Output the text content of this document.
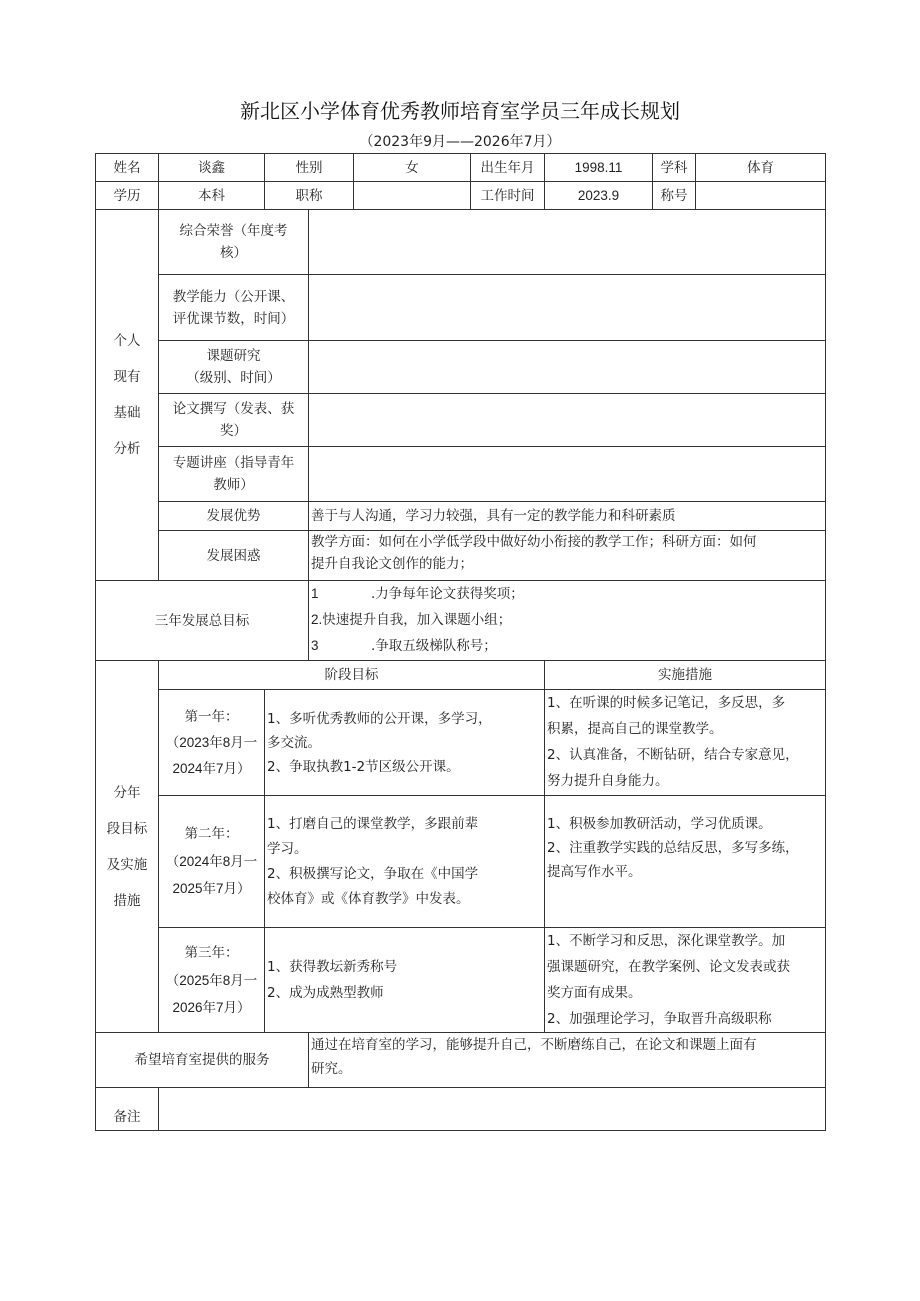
新北区小学体育优秀教师培育室学员三年成长规划
（2023年9月——2026年7月）
姓名	谈鑫	性别		女	出生年月	1998.11	学科	体育
学历	本科	职称			工作时间	2023.9	称号	

个人
现有
基础
分析	综合荣誉（年度考
核）							

	教学能力（公开课、
评优课节数，时间）							

	课题研究
（级别、时间）							

	论文撰写（发表、获
奖）							

	专题讲座（指导青年
教师）							

	发展优势		善于与人沟通，学习力较强，具有一定的教学能力和科研素质					
	发展困惑		教学方面：如何在小学低学段中做好幼小衔接的教学工作；科研方面：如何
提升自我论文创作的能力；					

三年发展总目标			1 .力争每年论文获得奖项；
2.快速提升自我，加入课题小组；
3 .争取五级梯队称号；					

分年
段目标
及实施
措施	阶段目标					实施措施		

	第一年：
（2023年8月一
2024年7月）	1、多听优秀教师的公开课，多学习，
多交流。
2、争取执教1-2节区级公开课。				1、在听课的时候多记笔记，多反思，多
积累，提高自己的课堂教学。
2、认真准备，不断钻研，结合专家意见，
努力提升自身能力。		

	第二年：
（2024年8月一
2025年7月）	1、打磨自己的课堂教学，多跟前辈
学习。
2、积极撰写论文，争取在《中国学
校体育》或《体育教学》中发表。				1、积极参加教研活动，学习优质课。
2、注重教学实践的总结反思，多写多练，
提高写作水平。		

	第三年：
（2025年8月一
2026年7月）	1、获得教坛新秀称号
2、成为成熟型教师				1、不断学习和反思，深化课堂教学。加
强课题研究，在教学案例、论文发表或获
奖方面有成果。
2、加强理论学习，争取晋升高级职称		

希望培育室提供的服务			通过在培育室的学习，能够提升自己，不断磨练自己，在论文和课题上面有
研究。					

备注								
